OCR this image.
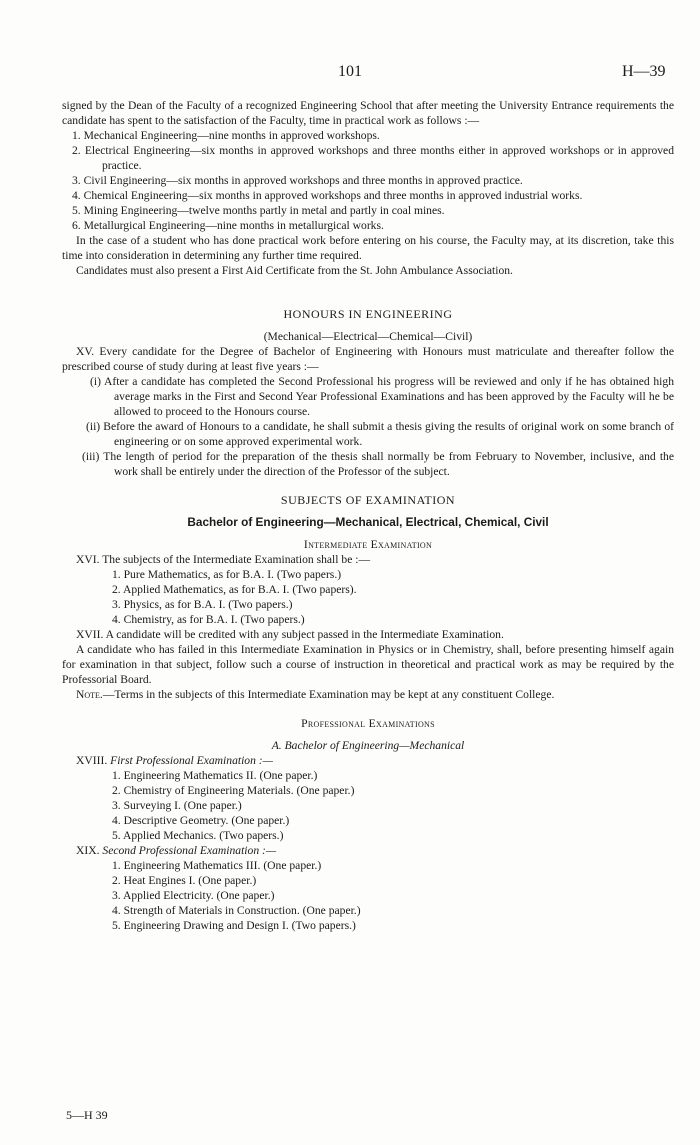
101	H—39

signed by the Dean of the Faculty of a recognized Engineering School that after meeting the University Entrance requirements the candidate has spent to the satisfaction of the Faculty, time in practical work as follows :—

1. Mechanical Engineering—nine months in approved workshops.

2. Electrical Engineering—six months in approved workshops and three months either in approved workshops or in approved practice.

3. Civil Engineering—six months in approved workshops and three months in approved practice.

4. Chemical Engineering—six months in approved workshops and three months in approved industrial works.

5. Mining Engineering—twelve months partly in metal and partly in coal mines.

6. Metallurgical Engineering—nine months in metallurgical works.

In the case of a student who has done practical work before entering on his course, the Faculty may, at its discretion, take this time into consideration in determining any further time required.

Candidates must also present a First Aid Certificate from the St. John Ambulance Association.

HONOURS IN ENGINEERING

(Mechanical—Electrical—Chemical—Civil)

XV. Every candidate for the Degree of Bachelor of Engineering with Honours must matriculate and thereafter follow the prescribed course of study during at least five years :—

(i) After a candidate has completed the Second Professional his progress will be reviewed and only if he has obtained high average marks in the First and Second Year Professional Examinations and has been approved by the Faculty will he be allowed to proceed to the Honours course.

(ii) Before the award of Honours to a candidate, he shall submit a thesis giving the results of original work on some branch of engineering or on some approved experimental work.

(iii) The length of period for the preparation of the thesis shall normally be from February to November, inclusive, and the work shall be entirely under the direction of the Professor of the subject.

SUBJECTS OF EXAMINATION

Bachelor of Engineering—Mechanical, Electrical, Chemical, Civil

Intermediate Examination

XVI. The subjects of the Intermediate Examination shall be :—

1. Pure Mathematics, as for B.A. I. (Two papers.)

2. Applied Mathematics, as for B.A. I. (Two papers).

3. Physics, as for B.A. I. (Two papers.)

4. Chemistry, as for B.A. I. (Two papers.)

XVII. A candidate will be credited with any subject passed in the Intermediate Examination.

A candidate who has failed in this Intermediate Examination in Physics or in Chemistry, shall, before presenting himself again for examination in that subject, follow such a course of instruction in theoretical and practical work as may be required by the Professorial Board.

Note.—Terms in the subjects of this Intermediate Examination may be kept at any constituent College.

Professional Examinations

A. Bachelor of Engineering—Mechanical

XVIII. First Professional Examination :—

1. Engineering Mathematics II. (One paper.)

2. Chemistry of Engineering Materials. (One paper.)

3. Surveying I. (One paper.)

4. Descriptive Geometry. (One paper.)

5. Applied Mechanics. (Two papers.)

XIX. Second Professional Examination :—

1. Engineering Mathematics III. (One paper.)

2. Heat Engines I. (One paper.)

3. Applied Electricity. (One paper.)

4. Strength of Materials in Construction. (One paper.)

5. Engineering Drawing and Design I. (Two papers.)

5—H 39
